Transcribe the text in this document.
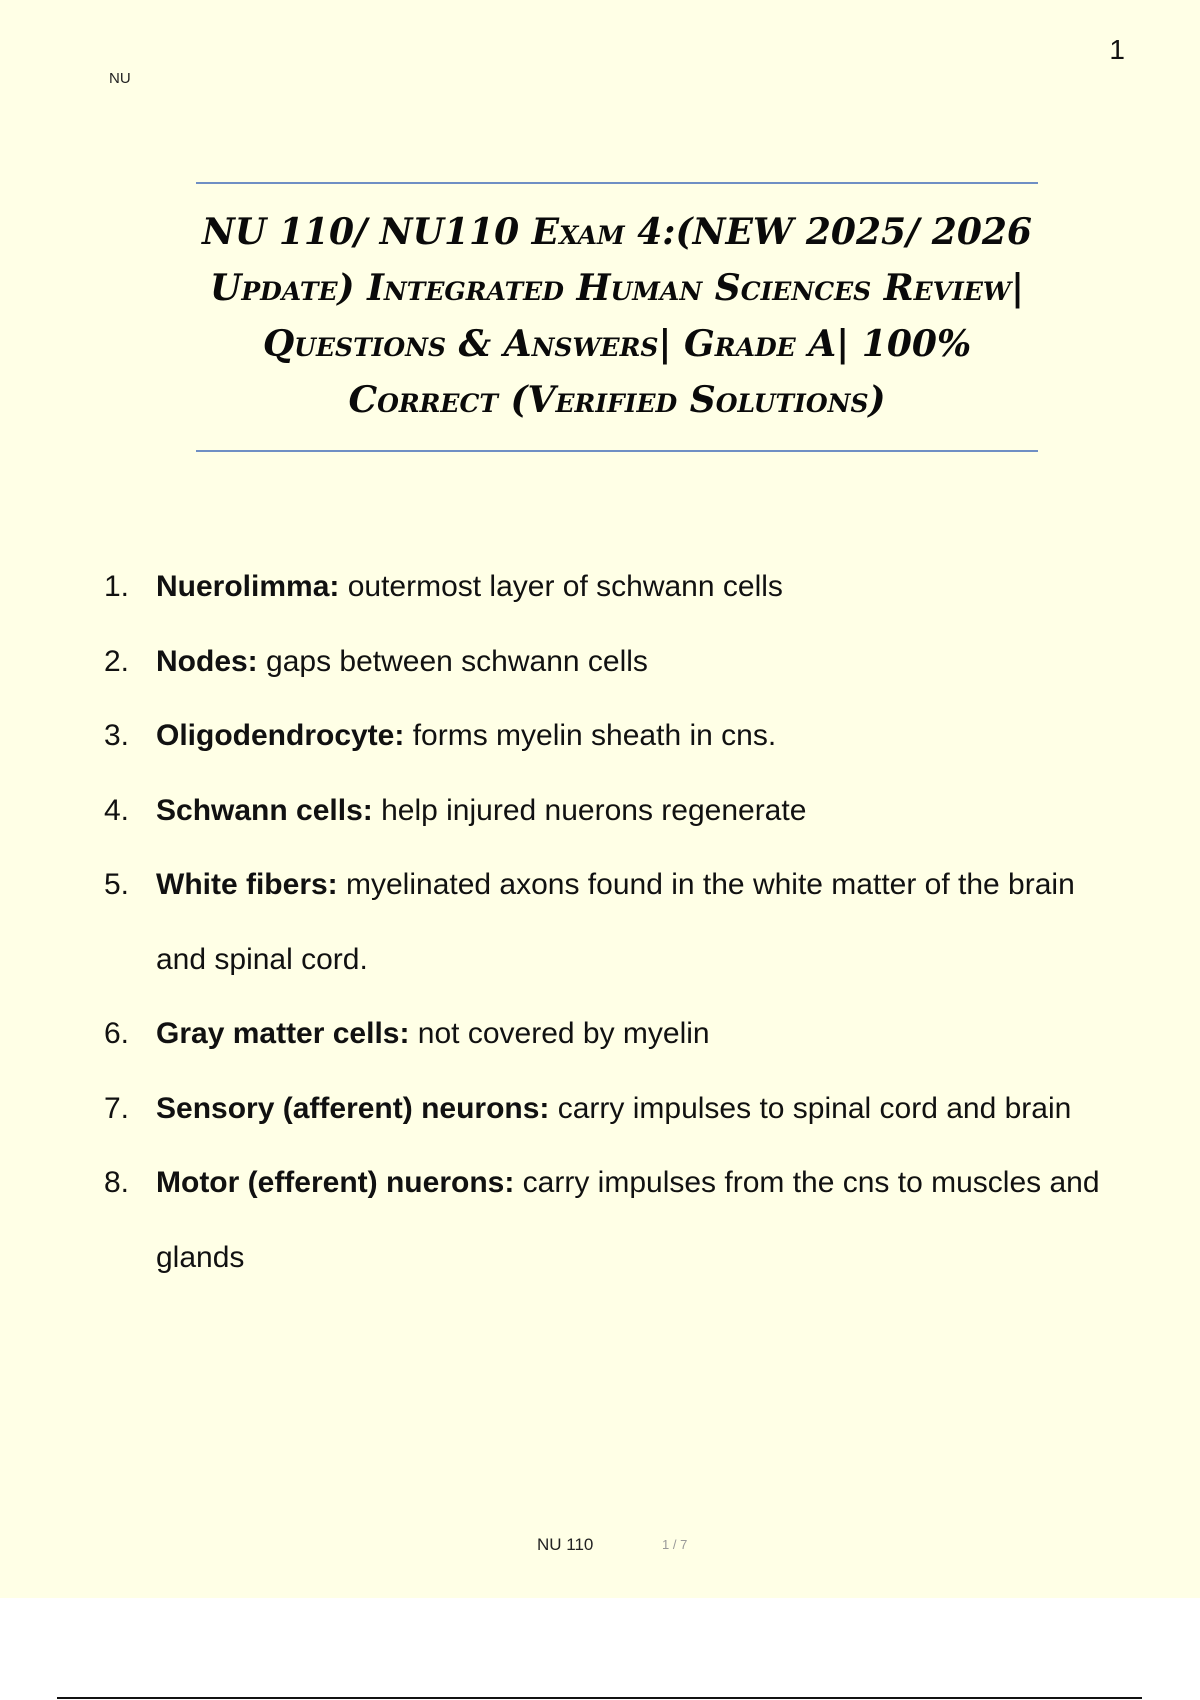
NU
1
NU 110/ NU110 Exam 4:(NEW 2025/ 2026 Update) Integrated Human Sciences Review| Questions & Answers| Grade A| 100% Correct (Verified Solutions)
1. Nuerolimma: outermost layer of schwann cells
2. Nodes: gaps between schwann cells
3. Oligodendrocyte: forms myelin sheath in cns.
4. Schwann cells: help injured nuerons regenerate
5. White fibers: myelinated axons found in the white matter of the brain and spinal cord.
6. Gray matter cells: not covered by myelin
7. Sensory (afferent) neurons: carry impulses to spinal cord and brain
8. Motor (efferent) nuerons: carry impulses from the cns to muscles and glands
NU 110	1 / 7
